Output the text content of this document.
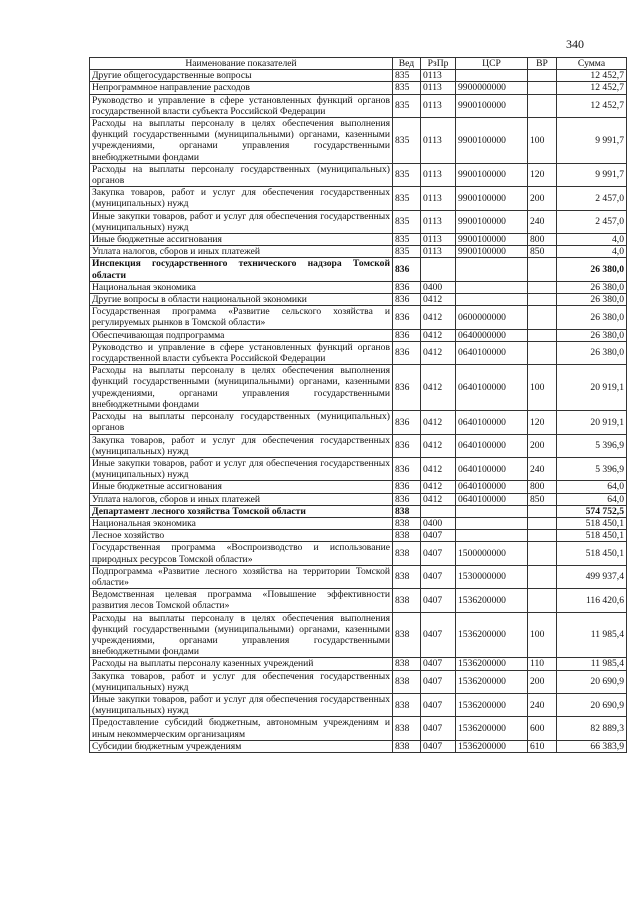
340
Наименование показателей	Вед	РзПр	ЦСР	ВР	Сумма
Другие общегосударственные вопросы	835	0113			12 452,7
Непрограммное направление расходов	835	0113	9900000000		12 452,7
Руководство и управление в сфере установленных функций органов государственной власти субъекта Российской Федерации	835	0113	9900100000		12 452,7
Расходы на выплаты персоналу в целях обеспечения выполнения функций государственными (муниципальными) органами, казенными учреждениями, органами управления государственными внебюджетными фондами	835	0113	9900100000	100	9 991,7
Расходы на выплаты персоналу государственных (муниципальных) органов	835	0113	9900100000	120	9 991,7
Закупка товаров, работ и услуг для обеспечения государственных (муниципальных) нужд	835	0113	9900100000	200	2 457,0
Иные закупки товаров, работ и услуг для обеспечения государственных (муниципальных) нужд	835	0113	9900100000	240	2 457,0
Иные бюджетные ассигнования	835	0113	9900100000	800	4,0
Уплата налогов, сборов и иных платежей	835	0113	9900100000	850	4,0
Инспекция государственного технического надзора Томской области	836				26 380,0
Национальная экономика	836	0400			26 380,0
Другие вопросы в области национальной экономики	836	0412			26 380,0
Государственная программа «Развитие сельского хозяйства и регулируемых рынков в Томской области»	836	0412	0600000000		26 380,0
Обеспечивающая подпрограмма	836	0412	0640000000		26 380,0
Руководство и управление в сфере установленных функций органов государственной власти субъекта Российской Федерации	836	0412	0640100000		26 380,0
Расходы на выплаты персоналу в целях обеспечения выполнения функций государственными (муниципальными) органами, казенными учреждениями, органами управления государственными внебюджетными фондами	836	0412	0640100000	100	20 919,1
Расходы на выплаты персоналу государственных (муниципальных) органов	836	0412	0640100000	120	20 919,1
Закупка товаров, работ и услуг для обеспечения государственных (муниципальных) нужд	836	0412	0640100000	200	5 396,9
Иные закупки товаров, работ и услуг для обеспечения государственных (муниципальных) нужд	836	0412	0640100000	240	5 396,9
Иные бюджетные ассигнования	836	0412	0640100000	800	64,0
Уплата налогов, сборов и иных платежей	836	0412	0640100000	850	64,0
Департамент лесного хозяйства Томской области	838				574 752,5
Национальная экономика	838	0400			518 450,1
Лесное хозяйство	838	0407			518 450,1
Государственная программа «Воспроизводство и использование природных ресурсов Томской области»	838	0407	1500000000		518 450,1
Подпрограмма «Развитие лесного хозяйства на территории Томской области»	838	0407	1530000000		499 937,4
Ведомственная целевая программа «Повышение эффективности развития лесов Томской области»	838	0407	1536200000		116 420,6
Расходы на выплаты персоналу в целях обеспечения выполнения функций государственными (муниципальными) органами, казенными учреждениями, органами управления государственными внебюджетными фондами	838	0407	1536200000	100	11 985,4
Расходы на выплаты персоналу казенных учреждений	838	0407	1536200000	110	11 985,4
Закупка товаров, работ и услуг для обеспечения государственных (муниципальных) нужд	838	0407	1536200000	200	20 690,9
Иные закупки товаров, работ и услуг для обеспечения государственных (муниципальных) нужд	838	0407	1536200000	240	20 690,9
Предоставление субсидий бюджетным, автономным учреждениям и иным некоммерческим организациям	838	0407	1536200000	600	82 889,3
Субсидии бюджетным учреждениям	838	0407	1536200000	610	66 383,9
